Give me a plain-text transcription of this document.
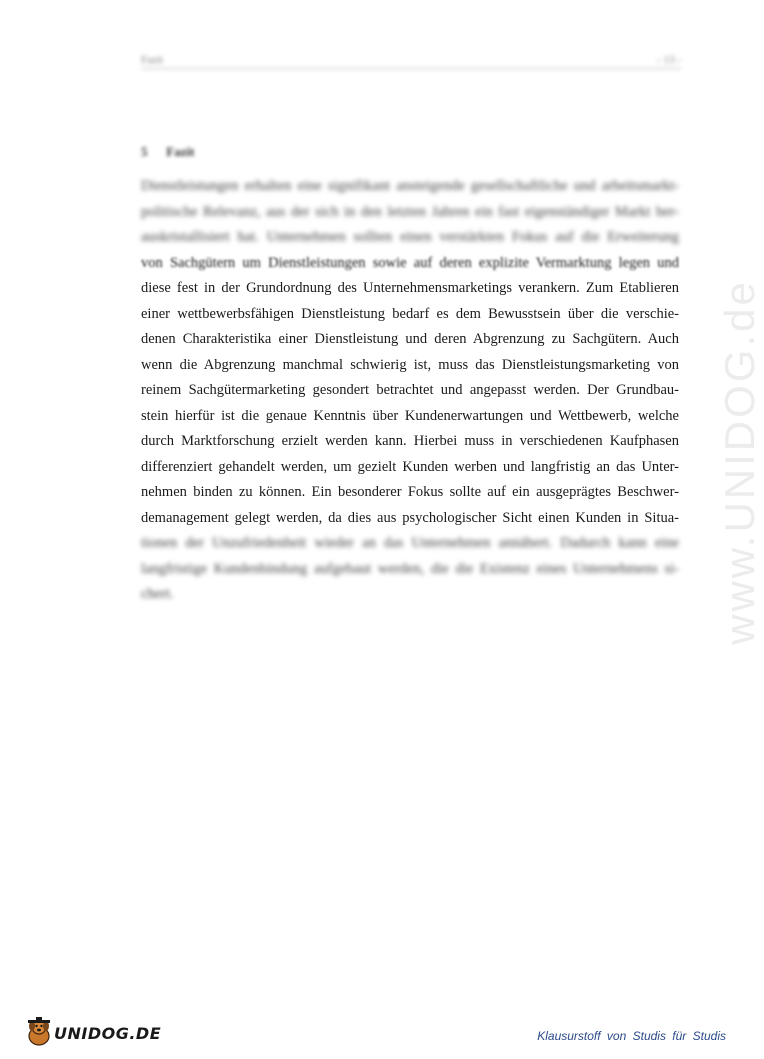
Fazit	- 13 -
5 Fazit
Dienstleistungen erhalten eine signifikant ansteigende gesellschaftliche und arbeitsmarkt-
politische Relevanz, aus der sich in den letzten Jahren ein fast eigenständiger Markt her-
auskristallisiert hat. Unternehmen sollten einen verstärkten Fokus auf die Erweiterung
von Sachgütern um Dienstleistungen sowie auf deren explizite Vermarktung legen und
diese fest in der Grundordnung des Unternehmensmarketings verankern. Zum Etablieren
einer wettbewerbsfähigen Dienstleistung bedarf es dem Bewusstsein über die verschie-
denen Charakteristika einer Dienstleistung und deren Abgrenzung zu Sachgütern. Auch
wenn die Abgrenzung manchmal schwierig ist, muss das Dienstleistungsmarketing von
reinem Sachgütermarketing gesondert betrachtet und angepasst werden. Der Grundbau-
stein hierfür ist die genaue Kenntnis über Kundenerwartungen und Wettbewerb, welche
durch Marktforschung erzielt werden kann. Hierbei muss in verschiedenen Kaufphasen
differenziert gehandelt werden, um gezielt Kunden werben und langfristig an das Unter-
nehmen binden zu können. Ein besonderer Fokus sollte auf ein ausgeprägtes Beschwer-
demanagement gelegt werden, da dies aus psychologischer Sicht einen Kunden in Situa-
tionen der Unzufriedenheit wieder an das Unternehmen annähert. Dadurch kann eine
langfristige Kundenbindung aufgebaut werden, die die Existenz eines Unternehmens si-
chert.	www.UNIDOG.de
UNIDOG.DE	Klausurstoff von Studis für Studis
